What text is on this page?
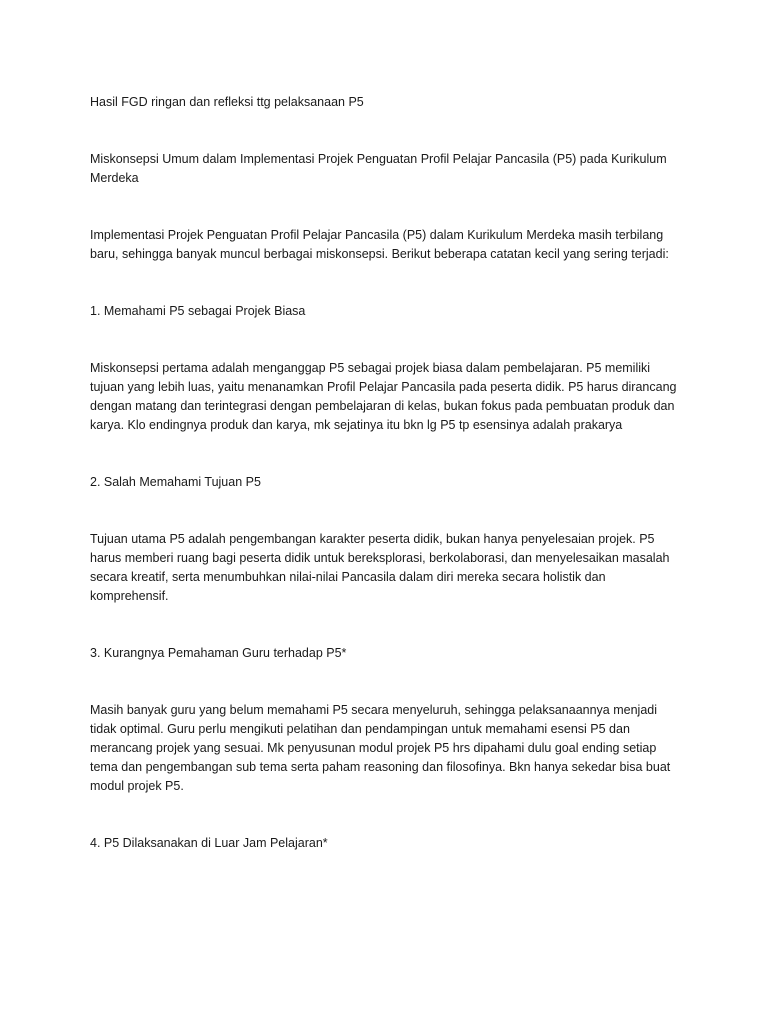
Hasil FGD ringan dan refleksi ttg pelaksanaan P5

Miskonsepsi Umum dalam Implementasi Projek Penguatan Profil Pelajar Pancasila (P5) pada Kurikulum Merdeka

Implementasi Projek Penguatan Profil Pelajar Pancasila (P5) dalam Kurikulum Merdeka masih terbilang baru, sehingga banyak muncul berbagai miskonsepsi. Berikut beberapa catatan kecil yang sering terjadi:

1. Memahami P5 sebagai Projek Biasa

Miskonsepsi pertama adalah menganggap P5 sebagai projek biasa dalam pembelajaran. P5 memiliki tujuan yang lebih luas, yaitu menanamkan Profil Pelajar Pancasila pada peserta didik. P5 harus dirancang dengan matang dan terintegrasi dengan pembelajaran di kelas, bukan fokus pada pembuatan produk dan karya. Klo endingnya produk dan karya, mk sejatinya itu bkn lg P5 tp esensinya adalah prakarya

2. Salah Memahami Tujuan P5

Tujuan utama P5 adalah pengembangan karakter peserta didik, bukan hanya penyelesaian projek. P5 harus memberi ruang bagi peserta didik untuk bereksplorasi, berkolaborasi, dan menyelesaikan masalah secara kreatif, serta menumbuhkan nilai-nilai Pancasila dalam diri mereka secara holistik dan komprehensif.

3. Kurangnya Pemahaman Guru terhadap P5*

Masih banyak guru yang belum memahami P5 secara menyeluruh, sehingga pelaksanaannya menjadi tidak optimal. Guru perlu mengikuti pelatihan dan pendampingan untuk memahami esensi P5 dan merancang projek yang sesuai. Mk penyusunan modul projek P5 hrs dipahami dulu goal ending setiap tema dan pengembangan sub tema serta paham reasoning dan filosofinya. Bkn hanya sekedar bisa buat modul projek P5.

4. P5 Dilaksanakan di Luar Jam Pelajaran*
